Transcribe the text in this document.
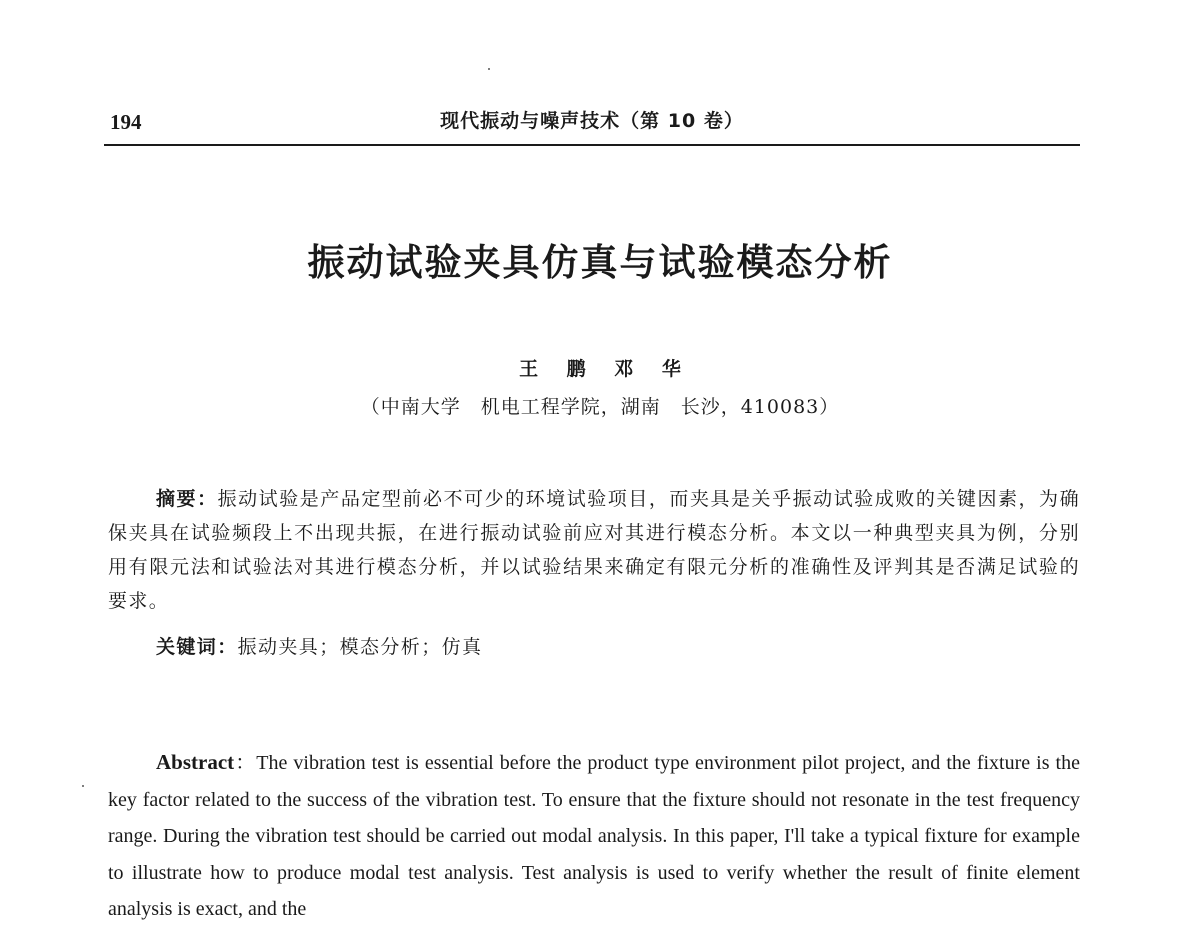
194	现代振动与噪声技术（第 10 卷）
振动试验夹具仿真与试验模态分析
王 鹏 邓 华
（中南大学　机电工程学院，湖南　长沙，410083）

摘要：振动试验是产品定型前必不可少的环境试验项目，而夹具是关乎振动试验成败的关键因素，为确保夹具在试验频段上不出现共振，在进行振动试验前应对其进行模态分析。本文以一种典型夹具为例，分别用有限元法和试验法对其进行模态分析，并以试验结果来确定有限元分析的准确性及评判其是否满足试验的要求。

关键词：振动夹具；模态分析；仿真

Abstract：The vibration test is essential before the product type environment pilot project, and the fixture is the key factor related to the success of the vibration test. To ensure that the fixture should not resonate in the test frequency range. During the vibration test should be carried out modal analysis. In this paper, I'll take a typical fixture for example to illustrate how to produce modal test analysis. Test analysis is used to verify whether the result of finite element analysis is exact, and the
